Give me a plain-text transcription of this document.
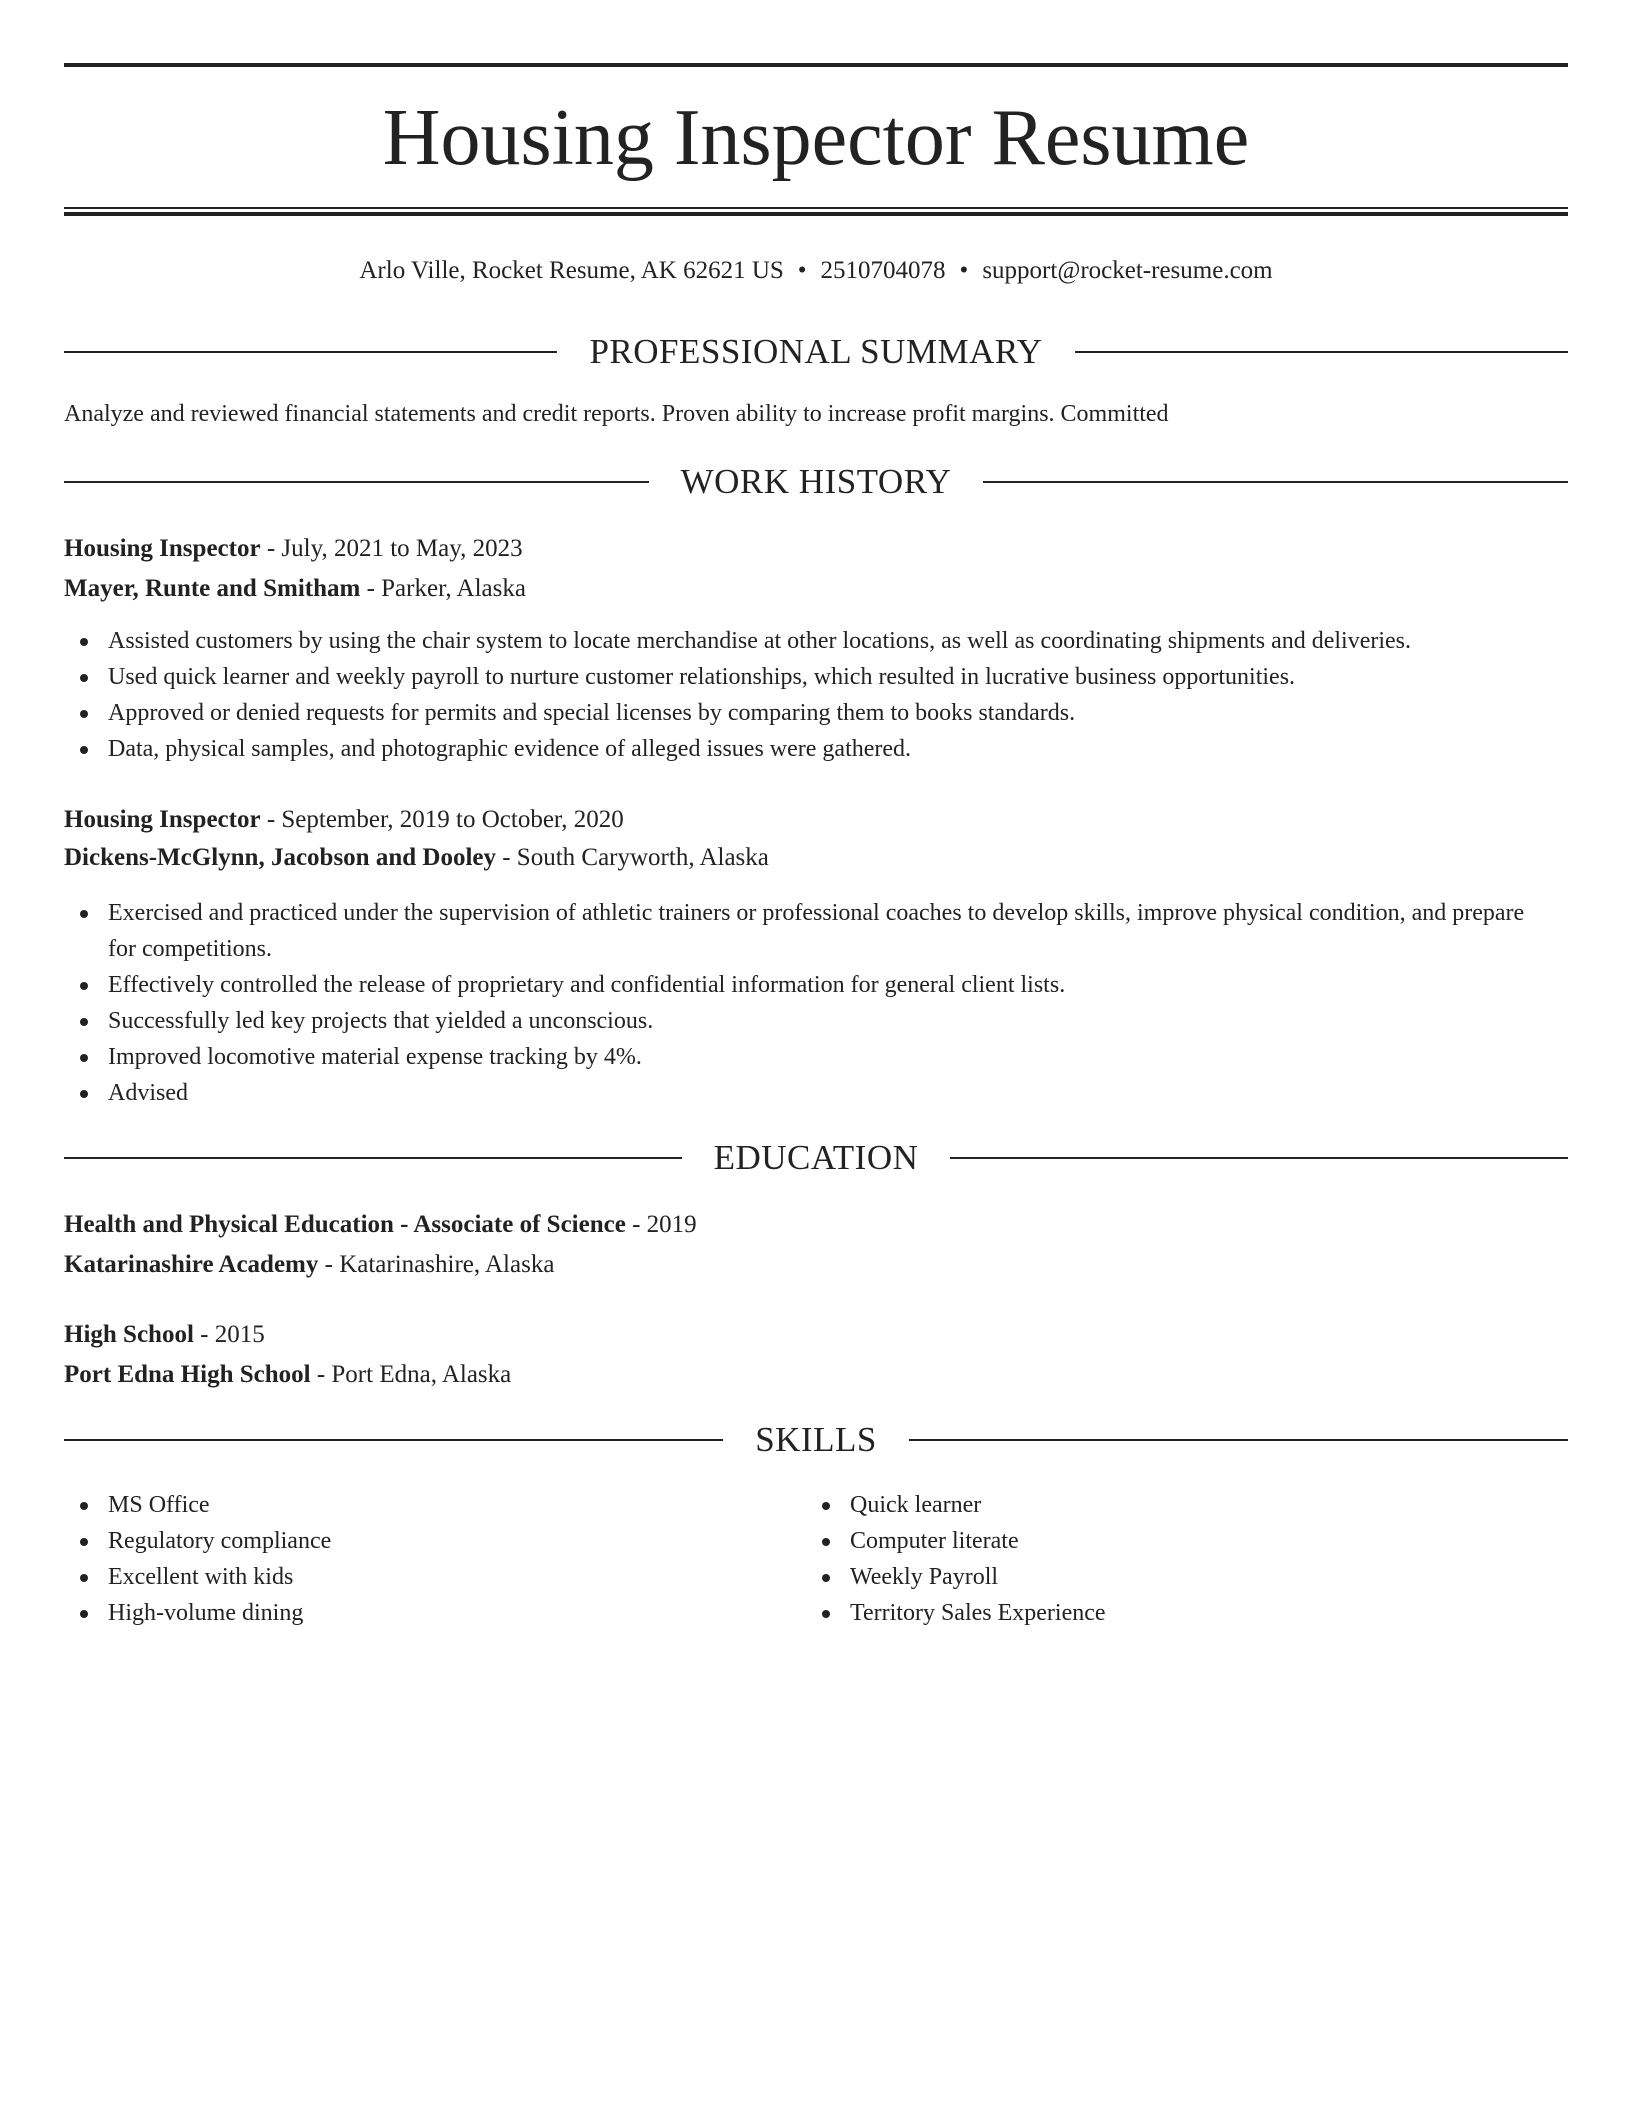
Housing Inspector Resume
Arlo Ville, Rocket Resume, AK 62621 US • 2510704078 • support@rocket-resume.com
PROFESSIONAL SUMMARY
Analyze and reviewed financial statements and credit reports. Proven ability to increase profit margins. Committed
WORK HISTORY
Housing Inspector - July, 2021 to May, 2023
Mayer, Runte and Smitham - Parker, Alaska
Assisted customers by using the chair system to locate merchandise at other locations, as well as coordinating shipments and deliveries.
Used quick learner and weekly payroll to nurture customer relationships, which resulted in lucrative business opportunities.
Approved or denied requests for permits and special licenses by comparing them to books standards.
Data, physical samples, and photographic evidence of alleged issues were gathered.
Housing Inspector - September, 2019 to October, 2020
Dickens-McGlynn, Jacobson and Dooley - South Caryworth, Alaska
Exercised and practiced under the supervision of athletic trainers or professional coaches to develop skills, improve physical condition, and prepare for competitions.
Effectively controlled the release of proprietary and confidential information for general client lists.
Successfully led key projects that yielded a unconscious.
Improved locomotive material expense tracking by 4%.
Advised
EDUCATION
Health and Physical Education - Associate of Science - 2019
Katarinashire Academy - Katarinashire, Alaska
High School - 2015
Port Edna High School - Port Edna, Alaska
SKILLS
MS Office
Regulatory compliance
Excellent with kids
High-volume dining
Quick learner
Computer literate
Weekly Payroll
Territory Sales Experience
